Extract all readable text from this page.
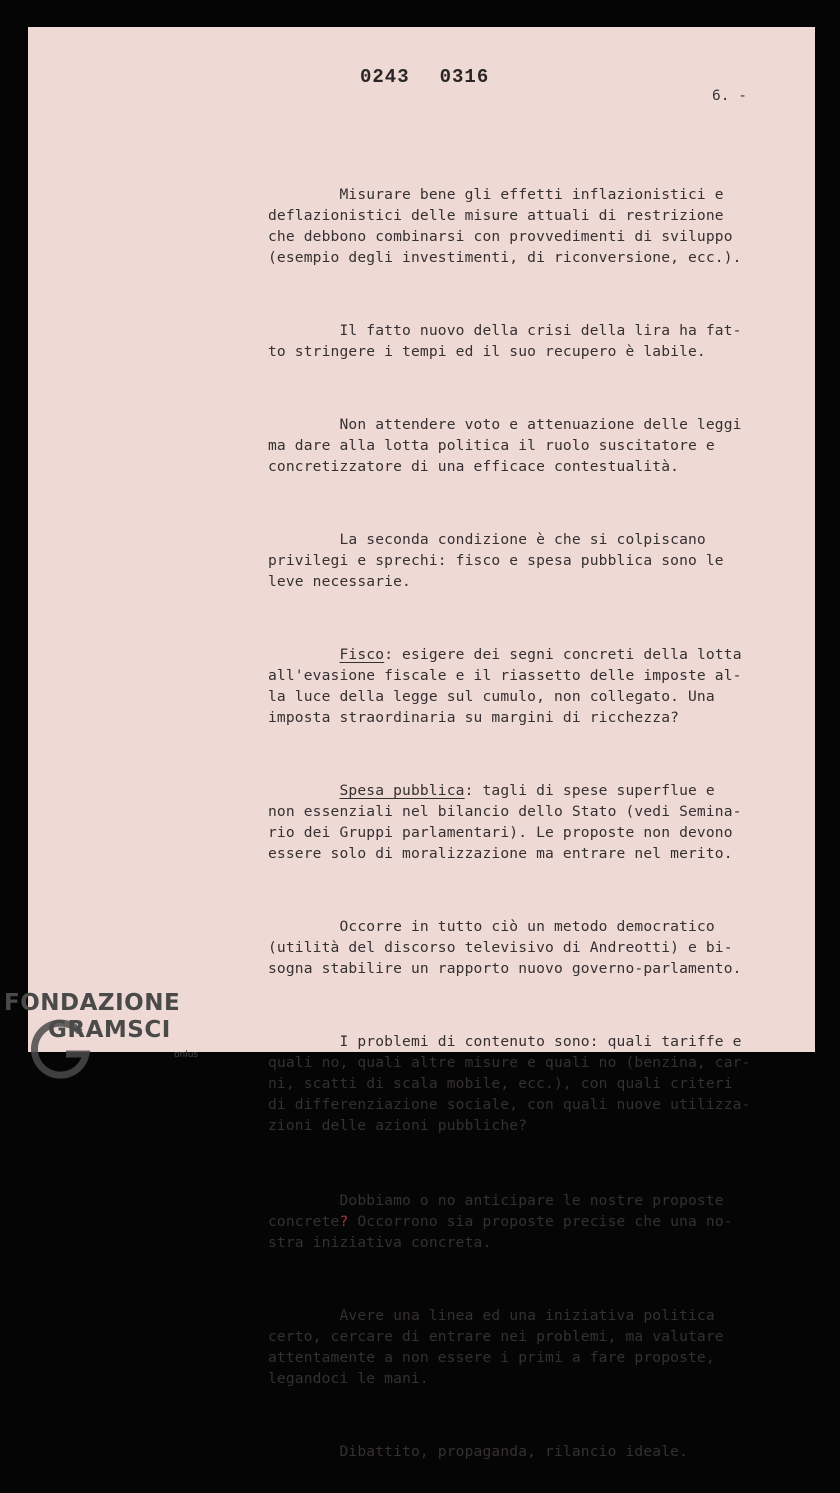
0243 0316
6. -

Misurare bene gli effetti inflazionistici e
deflazionistici delle misure attuali di restrizione
che debbono combinarsi con provvedimenti di sviluppo
(esempio degli investimenti, di riconversione, ecc.).

Il fatto nuovo della crisi della lira ha fat-
to stringere i tempi ed il suo recupero è labile.

Non attendere voto e attenuazione delle leggi
ma dare alla lotta politica il ruolo suscitatore e
concretizzatore di una efficace contestualità.

La seconda condizione è che si colpiscano
privilegi e sprechi: fisco e spesa pubblica sono le
leve necessarie.

Fisco: esigere dei segni concreti della lotta
all'evasione fiscale e il riassetto delle imposte al-
la luce della legge sul cumulo, non collegato. Una
imposta straordinaria su margini di ricchezza?

Spesa pubblica: tagli di spese superflue e
non essenziali nel bilancio dello Stato (vedi Semina-
rio dei Gruppi parlamentari). Le proposte non devono
essere solo di moralizzazione ma entrare nel merito.

Occorre in tutto ciò un metodo democratico
(utilità del discorso televisivo di Andreotti) e bi-
sogna stabilire un rapporto nuovo governo-parlamento.

I problemi di contenuto sono: quali tariffe e
quali no, quali altre misure e quali no (benzina, car-
ni, scatti di scala mobile, ecc.), con quali criteri
di differenziazione sociale, con quali nuove utilizza-
zioni delle azioni pubbliche?

Dobbiamo o no anticipare le nostre proposte
concrete? Occorrono sia proposte precise che una no-
stra iniziativa concreta.

Avere una linea ed una iniziativa politica
certo, cercare di entrare nei problemi, ma valutare
attentamente a non essere i primi a fare proposte,
legandoci le mani.

Dibattito, propaganda, rilancio ideale.

FONDAZIONE
GRAMSCI
onlus
